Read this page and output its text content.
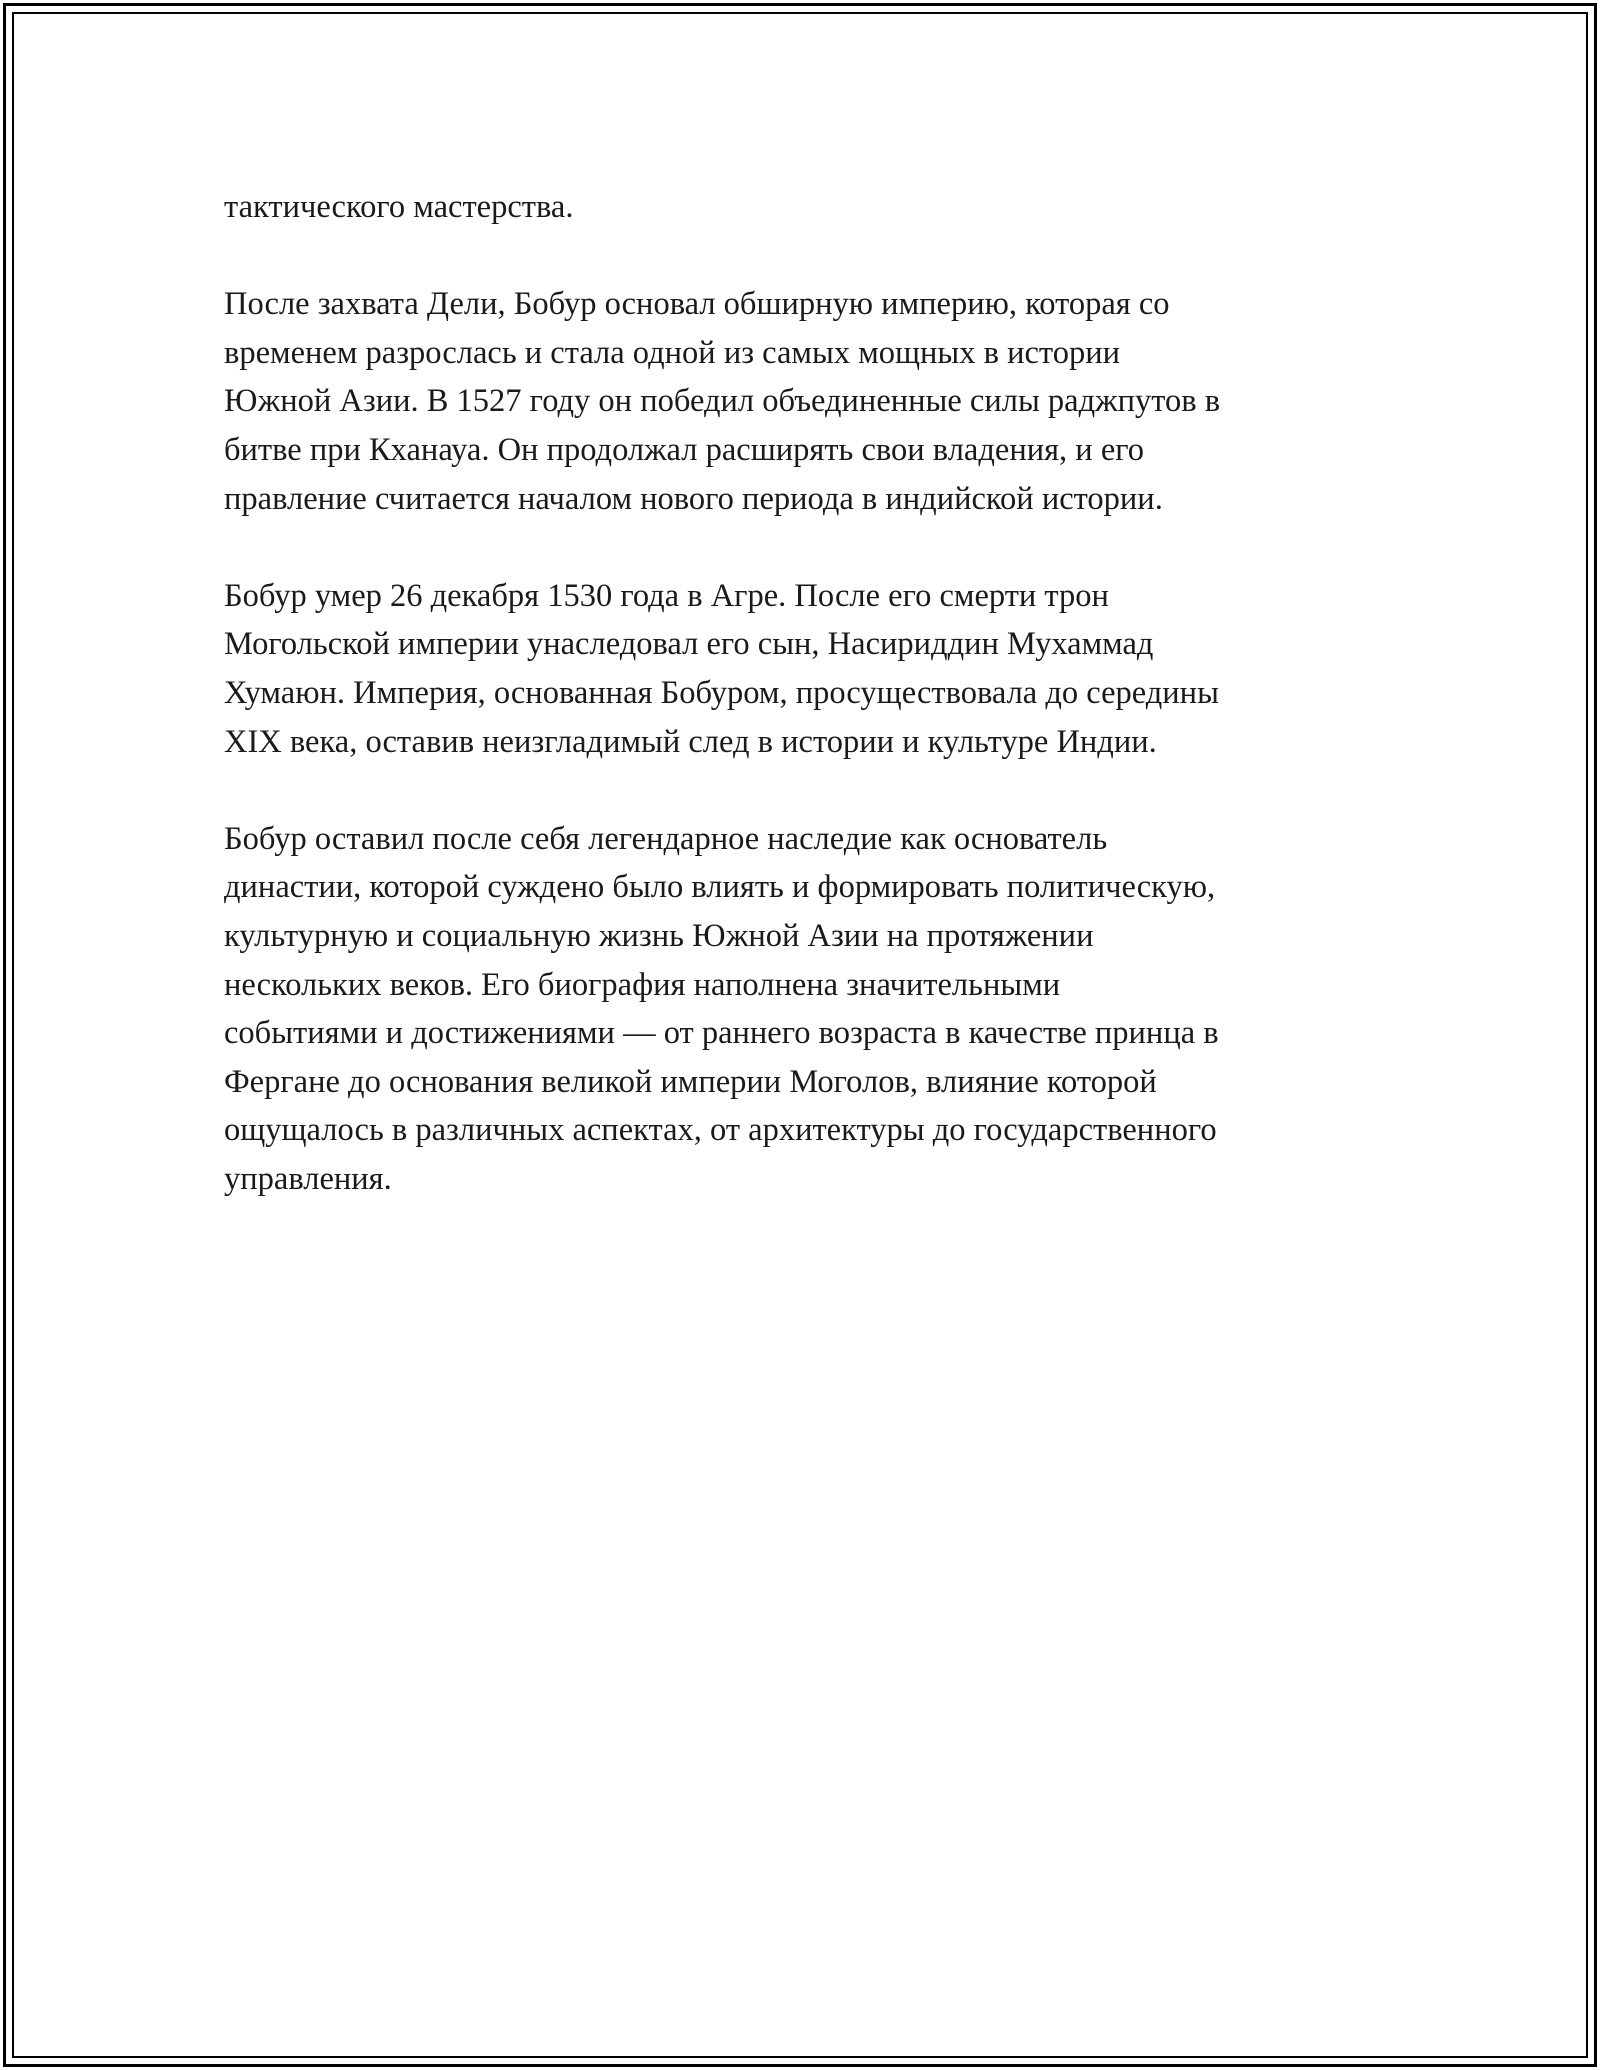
тактического мастерства.

После захвата Дели, Бобур основал обширную империю, которая со
временем разрослась и стала одной из самых мощных в истории
Южной Азии. В 1527 году он победил объединенные силы раджпутов в
битве при Кханауа. Он продолжал расширять свои владения, и его
правление считается началом нового периода в индийской истории.

Бобур умер 26 декабря 1530 года в Агре. После его смерти трон
Могольской империи унаследовал его сын, Насириддин Мухаммад
Хумаюн. Империя, основанная Бобуром, просуществовала до середины
XIX века, оставив неизгладимый след в истории и культуре Индии.

Бобур оставил после себя легендарное наследие как основатель
династии, которой суждено было влиять и формировать политическую,
культурную и социальную жизнь Южной Азии на протяжении
нескольких веков. Его биография наполнена значительными
событиями и достижениями — от раннего возраста в качестве принца в
Фергане до основания великой империи Моголов, влияние которой
ощущалось в различных аспектах, от архитектуры до государственного
управления.
